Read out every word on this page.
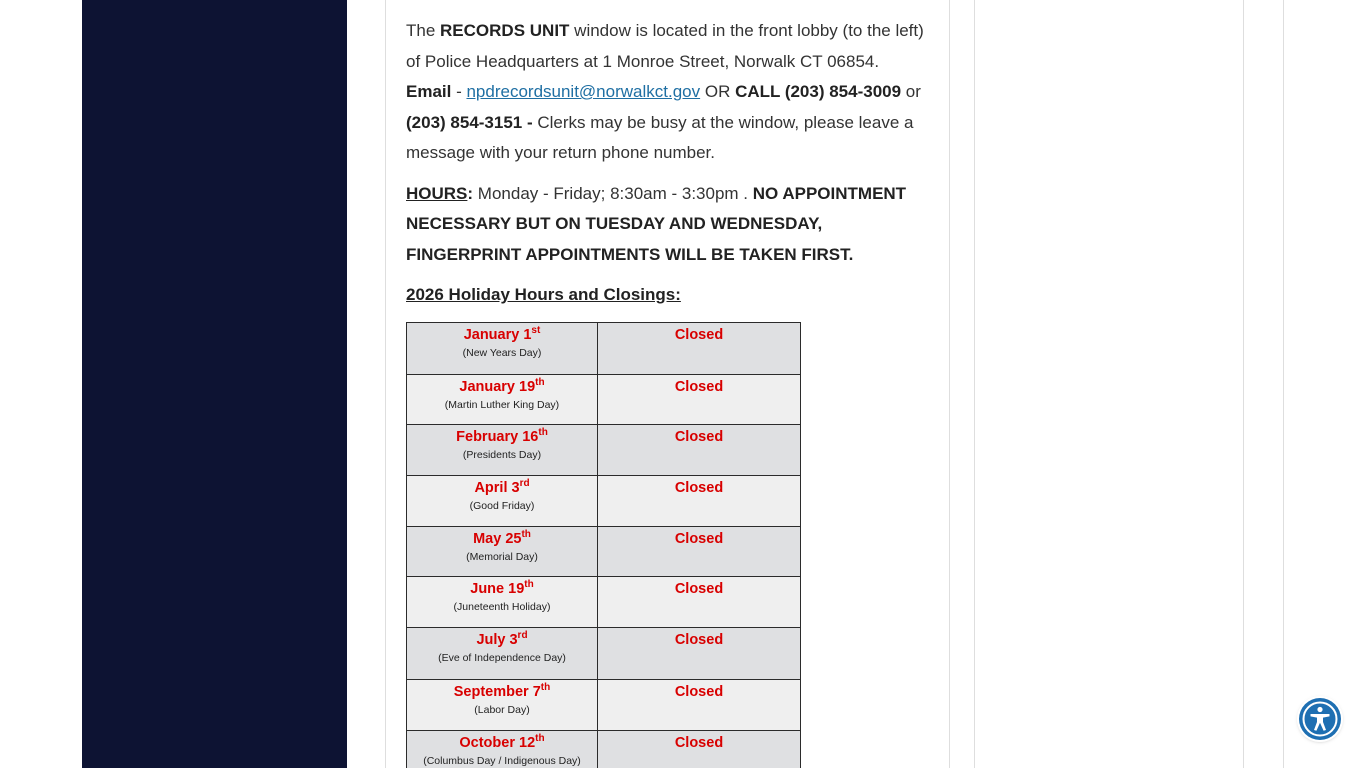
The RECORDS UNIT window is located in the front lobby (to the left) of Police Headquarters at 1 Monroe Street, Norwalk CT 06854.
Email - npdrecordsunit@norwalkct.gov OR CALL (203) 854-3009 or
(203) 854-3151 - Clerks may be busy at the window, please leave a message with your return phone number.

HOURS: Monday - Friday; 8:30am - 3:30pm . NO APPOINTMENT NECESSARY BUT ON TUESDAY AND WEDNESDAY, FINGERPRINT APPOINTMENTS WILL BE TAKEN FIRST.

2026 Holiday Hours and Closings:

January 1st
(New Years Day)	Closed

January 19th
(Martin Luther King Day)	Closed

February 16th
(Presidents Day)	Closed

April 3rd
(Good Friday)	Closed

May 25th
(Memorial Day)	Closed

June 19th
(Juneteenth Holiday)	Closed

July 3rd
(Eve of Independence Day)	Closed

September 7th
(Labor Day)	Closed

October 12th
(Columbus Day / Indigenous Day)	Closed
